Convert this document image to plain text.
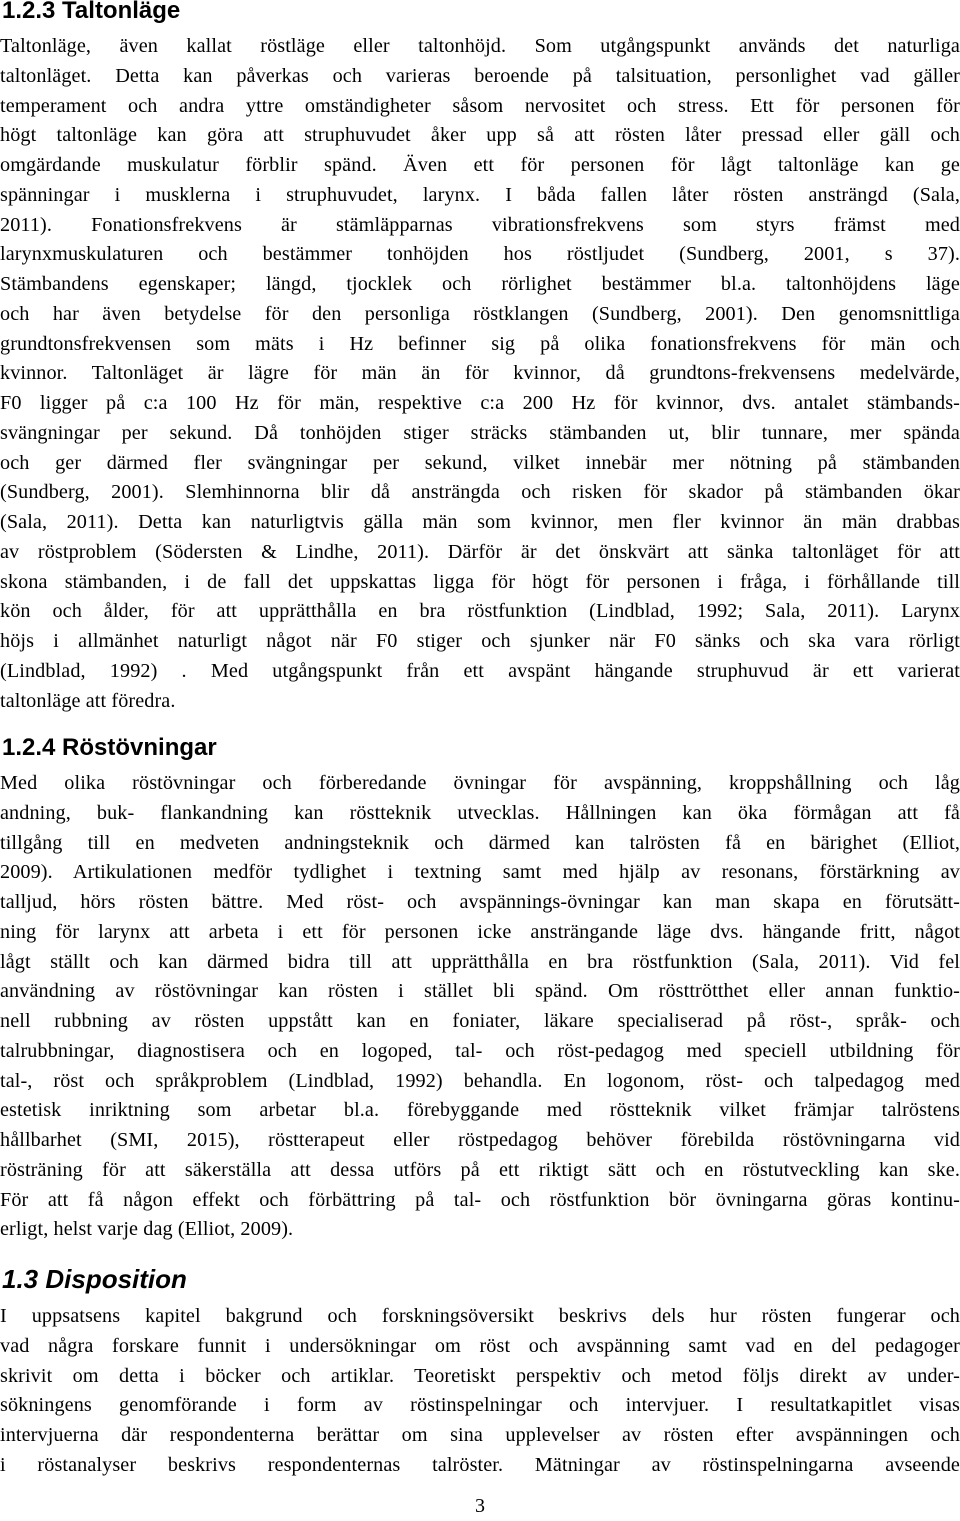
1.2.3 Taltonläge
Taltonläge, även kallat röstläge eller taltonhöjd. Som utgångspunkt används det naturliga
taltonläget. Detta kan påverkas och varieras beroende på talsituation, personlighet vad gäller
temperament och andra yttre omständigheter såsom nervositet och stress. Ett för personen för
högt taltonläge kan göra att struphuvudet åker upp så att rösten låter pressad eller gäll och
omgärdande muskulatur förblir spänd. Även ett för personen för lågt taltonläge kan ge
spänningar i musklerna i struphuvudet, larynx. I båda fallen låter rösten ansträngd (Sala,
2011). Fonationsfrekvens är stämläpparnas vibrationsfrekvens som styrs främst med
larynxmuskulaturen och bestämmer tonhöjden hos röstljudet (Sundberg, 2001, s 37).
Stämbandens egenskaper; längd, tjocklek och rörlighet bestämmer bl.a. taltonhöjdens läge
och har även betydelse för den personliga röstklangen (Sundberg, 2001). Den genomsnittliga
grundtonsfrekvensen som mäts i Hz befinner sig på olika fonationsfrekvens för män och
kvinnor. Taltonläget är lägre för män än för kvinnor, då grundtons-frekvensens medelvärde,
F0 ligger på c:a 100 Hz för män, respektive c:a 200 Hz för kvinnor, dvs. antalet stämbands-
svängningar per sekund. Då tonhöjden stiger sträcks stämbanden ut, blir tunnare, mer spända
och ger därmed fler svängningar per sekund, vilket innebär mer nötning på stämbanden
(Sundberg, 2001). Slemhinnorna blir då ansträngda och risken för skador på stämbanden ökar
(Sala, 2011). Detta kan naturligtvis gälla män som kvinnor, men fler kvinnor än män drabbas
av röstproblem (Södersten & Lindhe, 2011). Därför är det önskvärt att sänka taltonläget för att
skona stämbanden, i de fall det uppskattas ligga för högt för personen i fråga, i förhållande till
kön och ålder, för att upprätthålla en bra röstfunktion (Lindblad, 1992; Sala, 2011). Larynx
höjs i allmänhet naturligt något när F0 stiger och sjunker när F0 sänks och ska vara rörligt
(Lindblad, 1992) . Med utgångspunkt från ett avspänt hängande struphuvud är ett varierat
taltonläge att föredra.
1.2.4 Röstövningar
Med olika röstövningar och förberedande övningar för avspänning, kroppshållning och låg
andning, buk- flankandning kan röstteknik utvecklas. Hållningen kan öka förmågan att få
tillgång till en medveten andningsteknik och därmed kan talrösten få en bärighet (Elliot,
2009). Artikulationen medför tydlighet i textning samt med hjälp av resonans, förstärkning av
talljud, hörs rösten bättre. Med röst- och avspännings-övningar kan man skapa en förutsätt-
ning för larynx att arbeta i ett för personen icke ansträngande läge dvs. hängande fritt, något
lågt ställt och kan därmed bidra till att upprätthålla en bra röstfunktion (Sala, 2011). Vid fel
användning av röstövningar kan rösten i stället bli spänd. Om rösttrötthet eller annan funktio-
nell rubbning av rösten uppstått kan en foniater, läkare specialiserad på röst-, språk- och
talrubbningar, diagnostisera och en logoped, tal- och röst-pedagog med speciell utbildning för
tal-, röst och språkproblem (Lindblad, 1992) behandla. En logonom, röst- och talpedagog med
estetisk inriktning som arbetar bl.a. förebyggande med röstteknik vilket främjar talröstens
hållbarhet (SMI, 2015), röstterapeut eller röstpedagog behöver förebilda röstövningarna vid
rösträning för att säkerställa att dessa utförs på ett riktigt sätt och en röstutveckling kan ske.
För att få någon effekt och förbättring på tal- och röstfunktion bör övningarna göras kontinu-
erligt, helst varje dag (Elliot, 2009).
1.3 Disposition
I uppsatsens kapitel bakgrund och forskningsöversikt beskrivs dels hur rösten fungerar och
vad några forskare funnit i undersökningar om röst och avspänning samt vad en del pedagoger
skrivit om detta i böcker och artiklar. Teoretiskt perspektiv och metod följs direkt av under-
sökningens genomförande i form av röstinspelningar och intervjuer. I resultatkapitlet visas
intervjuerna där respondenterna berättar om sina upplevelser av rösten efter avspänningen och
i röstanalyser beskrivs respondenternas talröster. Mätningar av röstinspelningarna avseende

3
